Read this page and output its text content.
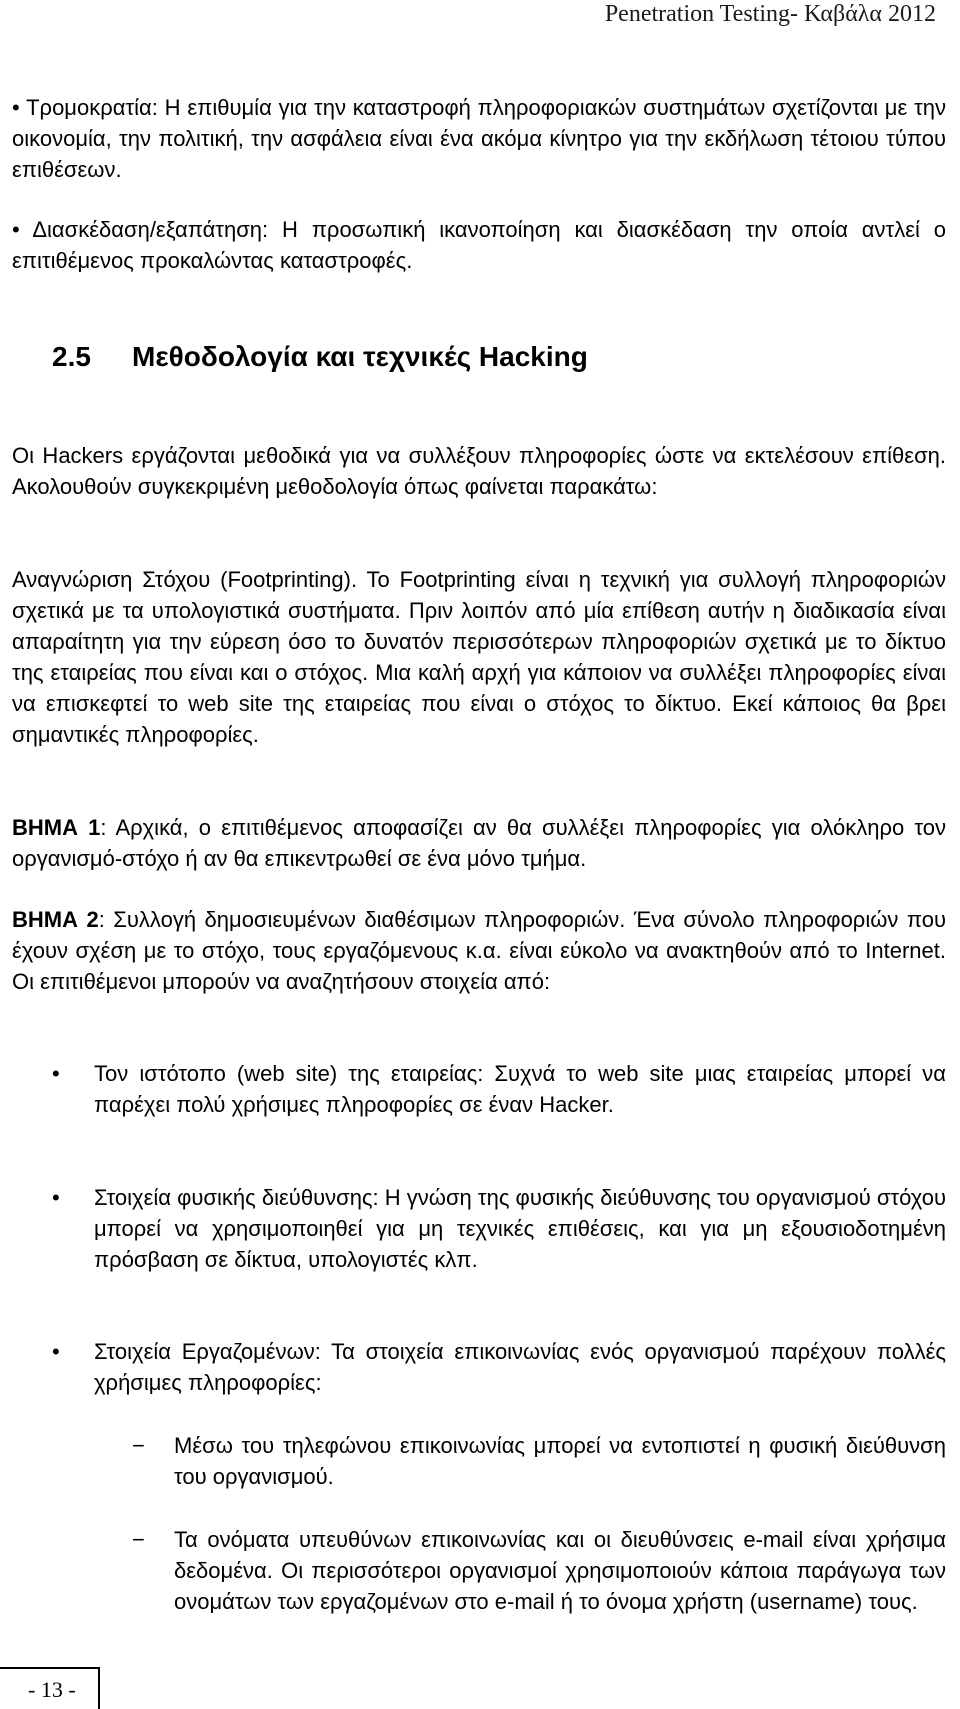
Penetration Testing- Καβάλα 2012

• Τρομοκρατία: Η επιθυμία για την καταστροφή πληροφοριακών συστημάτων σχετίζονται με την οικονομία, την πολιτική, την ασφάλεια είναι ένα ακόμα κίνητρο για την εκδήλωση τέτοιου τύπου επιθέσεων.

• Διασκέδαση/εξαπάτηση: Η προσωπική ικανοποίηση και διασκέδαση την οποία αντλεί ο επιτιθέμενος προκαλώντας καταστροφές.

2.5 Μεθοδολογία και τεχνικές Hacking

Οι Hackers εργάζονται μεθοδικά για να συλλέξουν πληροφορίες ώστε να εκτελέσουν επίθεση. Ακολουθούν συγκεκριμένη μεθοδολογία όπως φαίνεται παρακάτω:

Αναγνώριση Στόχου (Footprinting). Το Footprinting είναι η τεχνική για συλλογή πληροφοριών σχετικά με τα υπολογιστικά συστήματα. Πριν λοιπόν από μία επίθεση αυτήν η διαδικασία είναι απαραίτητη για την εύρεση όσο το δυνατόν περισσότερων πληροφοριών σχετικά με το δίκτυο της εταιρείας που είναι και ο στόχος. Μια καλή αρχή για κάποιον να συλλέξει πληροφορίες είναι να επισκεφτεί το web site της εταιρείας που είναι ο στόχος το δίκτυο. Εκεί κάποιος θα βρει σημαντικές πληροφορίες.

ΒΗΜΑ 1: Αρχικά, ο επιτιθέμενος αποφασίζει αν θα συλλέξει πληροφορίες για ολόκληρο τον οργανισμό-στόχο ή αν θα επικεντρωθεί σε ένα μόνο τμήμα.

ΒΗΜΑ 2: Συλλογή δημοσιευμένων διαθέσιμων πληροφοριών. Ένα σύνολο πληροφοριών που έχουν σχέση με το στόχο, τους εργαζόμενους κ.α. είναι εύκολο να ανακτηθούν από το Internet. Οι επιτιθέμενοι μπορούν να αναζητήσουν στοιχεία από:

• Τον ιστότοπο (web site) της εταιρείας: Συχνά το web site μιας εταιρείας μπορεί να παρέχει πολύ χρήσιμες πληροφορίες σε έναν Hacker.
• Στοιχεία φυσικής διεύθυνσης: Η γνώση της φυσικής διεύθυνσης του οργανισμού στόχου μπορεί να χρησιμοποιηθεί για μη τεχνικές επιθέσεις, και για μη εξουσιοδοτημένη πρόσβαση σε δίκτυα, υπολογιστές κλπ.
• Στοιχεία Εργαζομένων: Τα στοιχεία επικοινωνίας ενός οργανισμού παρέχουν πολλές χρήσιμες πληροφορίες:
− Μέσω του τηλεφώνου επικοινωνίας μπορεί να εντοπιστεί η φυσική διεύθυνση του οργανισμού.
− Τα ονόματα υπευθύνων επικοινωνίας και οι διευθύνσεις e-mail είναι χρήσιμα δεδομένα. Οι περισσότεροι οργανισμοί χρησιμοποιούν κάποια παράγωγα των ονομάτων των εργαζομένων στο e-mail ή το όνομα χρήστη (username) τους.
- 13 -
